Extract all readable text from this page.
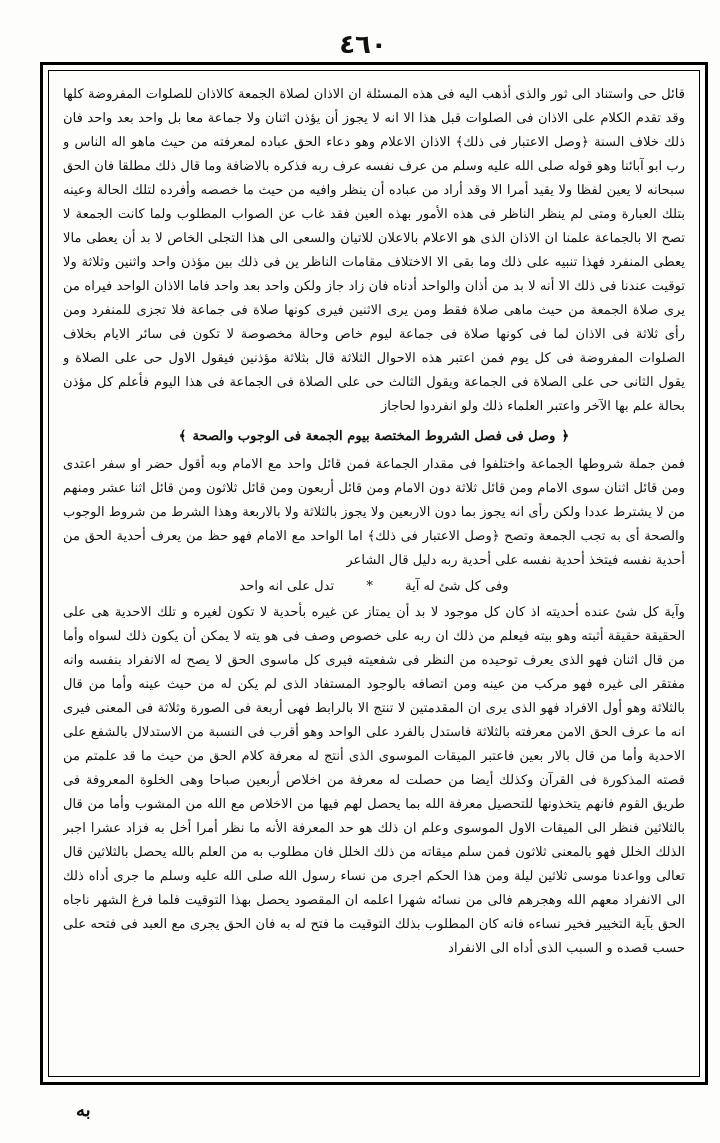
٤٦٠

قائل حى واستناد الى ثور والذى أذهب اليه فى هذه المسئلة ان الاذان لصلاة الجمعة كالاذان للصلوات المفروضة كلها وقد تقدم الكلام على الاذان فى الصلوات قبل هذا الا انه لا يجوز أن يؤذن اثنان ولا جماعة معا بل واحد بعد واحد فان ذلك خلاف السنة ﴿وصل الاعتبار فى ذلك﴾ الاذان الاعلام وهو دعاء الحق عباده لمعرفته من حيث ماهو اله الناس و رب ابو آبائنا وهو قوله صلى الله عليه وسلم من عرف نفسه عرف ربه فذكره بالاضافة وما قال ذلك مطلقا فان الحق سبحانه لا يعين لفظا ولا يقيد أمرا الا وقد أراد من عباده أن ينظر وافيه من حيث ما خصصه وأفرده لتلك الحالة وعينه بتلك العبارة ومتى لم ينظر الناظر فى هذه الأمور بهذه العين فقد غاب عن الصواب المطلوب ولما كانت الجمعة لا تصح الا بالجماعة علمنا ان الاذان الذى هو الاعلام بالاعلان للاتيان والسعى الى هذا التجلى الخاص لا بد أن يعطى مالا يعطى المنفرد فهذا تنبيه على ذلك وما بقى الا الاختلاف مقامات الناظر ين فى ذلك بين مؤذن واحد واثنين وثلاثة ولا توقيت عندنا فى ذلك الا أنه لا بد من أذان والواحد أدناه فان زاد جاز ولكن واحد بعد واحد فاما الاذان الواحد فيراه من يرى صلاة الجمعة من حيث ماهى صلاة فقط ومن يرى الاثنين فيرى كونها صلاة فى جماعة فلا تجزى للمنفرد ومن رأى ثلاثة فى الاذان لما فى كونها صلاة فى جماعة ليوم خاص وحالة مخصوصة لا تكون فى سائر الايام بخلاف الصلوات المفروضة فى كل يوم فمن اعتبر هذه الاحوال الثلاثة قال بثلاثة مؤذنين فيقول الاول حى على الصلاة و يقول الثانى حى على الصلاة فى الجماعة ويقول الثالث حى على الصلاة فى الجماعة فى هذا اليوم فأعلم كل مؤذن بحالة علم بها الآخر واعتبر العلماء ذلك ولو انفردوا لحاجاز

﴿وصل فى فصل الشروط المختصة بيوم الجمعة فى الوجوب والصحة﴾

فمن جملة شروطها الجماعة واختلفوا فى مقدار الجماعة فمن قائل واحد مع الامام وبه أقول حضر او سفر اعتدى ومن قائل اثنان سوى الامام ومن قائل ثلاثة دون الامام ومن قائل أربعون ومن قائل ثلاثون ومن قائل اثنا عشر ومنهم من لا يشترط عددا ولكن رأى انه يجوز بما دون الاربعين ولا يجوز بالثلاثة ولا بالاربعة وهذا الشرط من شروط الوجوب والصحة أى به تجب الجمعة وتصح ﴿وصل الاعتبار فى ذلك﴾ اما الواحد مع الامام فهو حظ من يعرف أحدية الحق من أحدية نفسه فيتخذ أحدية نفسه على أحدية ربه دليل قال الشاعر

وفى كل شئ له آية * تدل على انه واحد

وآية كل شئ عنده أحديته اذ كان كل موجود لا بد أن يمتاز عن غيره بأحدية لا تكون لغيره و تلك الاحدية هى على الحقيقة حقيقة أثبته وهو بيته فيعلم من ذلك ان ربه على خصوص وصف فى هو يته لا يمكن أن يكون ذلك لسواه وأما من قال اثنان فهو الذى يعرف توحيده من النظر فى شفعيته فيرى كل ماسوى الحق لا يصح له الانفراد بنفسه وانه مفتقر الى غيره فهو مركب من عينه ومن اتصافه بالوجود المستفاد الذى لم يكن له من حيث عينه وأما من قال بالثلاثة وهو أول الافراد فهو الذى يرى ان المقدمتين لا تنتج الا بالرابط فهى أربعة فى الصورة وثلاثة فى المعنى فيرى انه ما عرف الحق الامن معرفته بالثلاثة فاستدل بالفرد على الواحد وهو أقرب فى النسبة من الاستدلال بالشفع على الاحدية وأما من قال بالار بعين فاعتبر الميقات الموسوى الذى أنتج له معرفة كلام الحق من حيث ما قد علمتم من قصته المذكورة فى القرآن وكذلك أيضا من حصلت له معرفة من اخلاص أربعين صباحا وهى الخلوة المعروفة فى طريق القوم فانهم يتخذونها للتحصيل معرفة الله بما يحصل لهم فيها من الاخلاص مع الله من المشوب وأما من قال بالثلاثين فنظر الى الميقات الاول الموسوى وعلم ان ذلك هو حد المعرفة الأنه ما نظر أمرا أخل به فزاد عشرا اجبر الذلك الخلل فهو بالمعنى ثلاثون فمن سلم ميقاته من ذلك الخلل فان مطلوب به من العلم بالله يحصل بالثلاثين قال تعالى وواعدنا موسى ثلاثين ليلة ومن هذا الحكم اجرى من نساء رسول الله صلى الله عليه وسلم ما جرى أداه ذلك الى الانفراد معهم الله وهجرهم فالى من نسائه شهرا اعلمه ان المقصود يحصل بهذا التوقيت فلما فرغ الشهر ناجاه الحق بآية التخيير فخير نساءه فانه كان المطلوب بذلك التوقيت ما فتح له به فان الحق يجرى مع العبد فى فتحه على حسب قصده و السبب الذى أداه الى الانفراد

به
